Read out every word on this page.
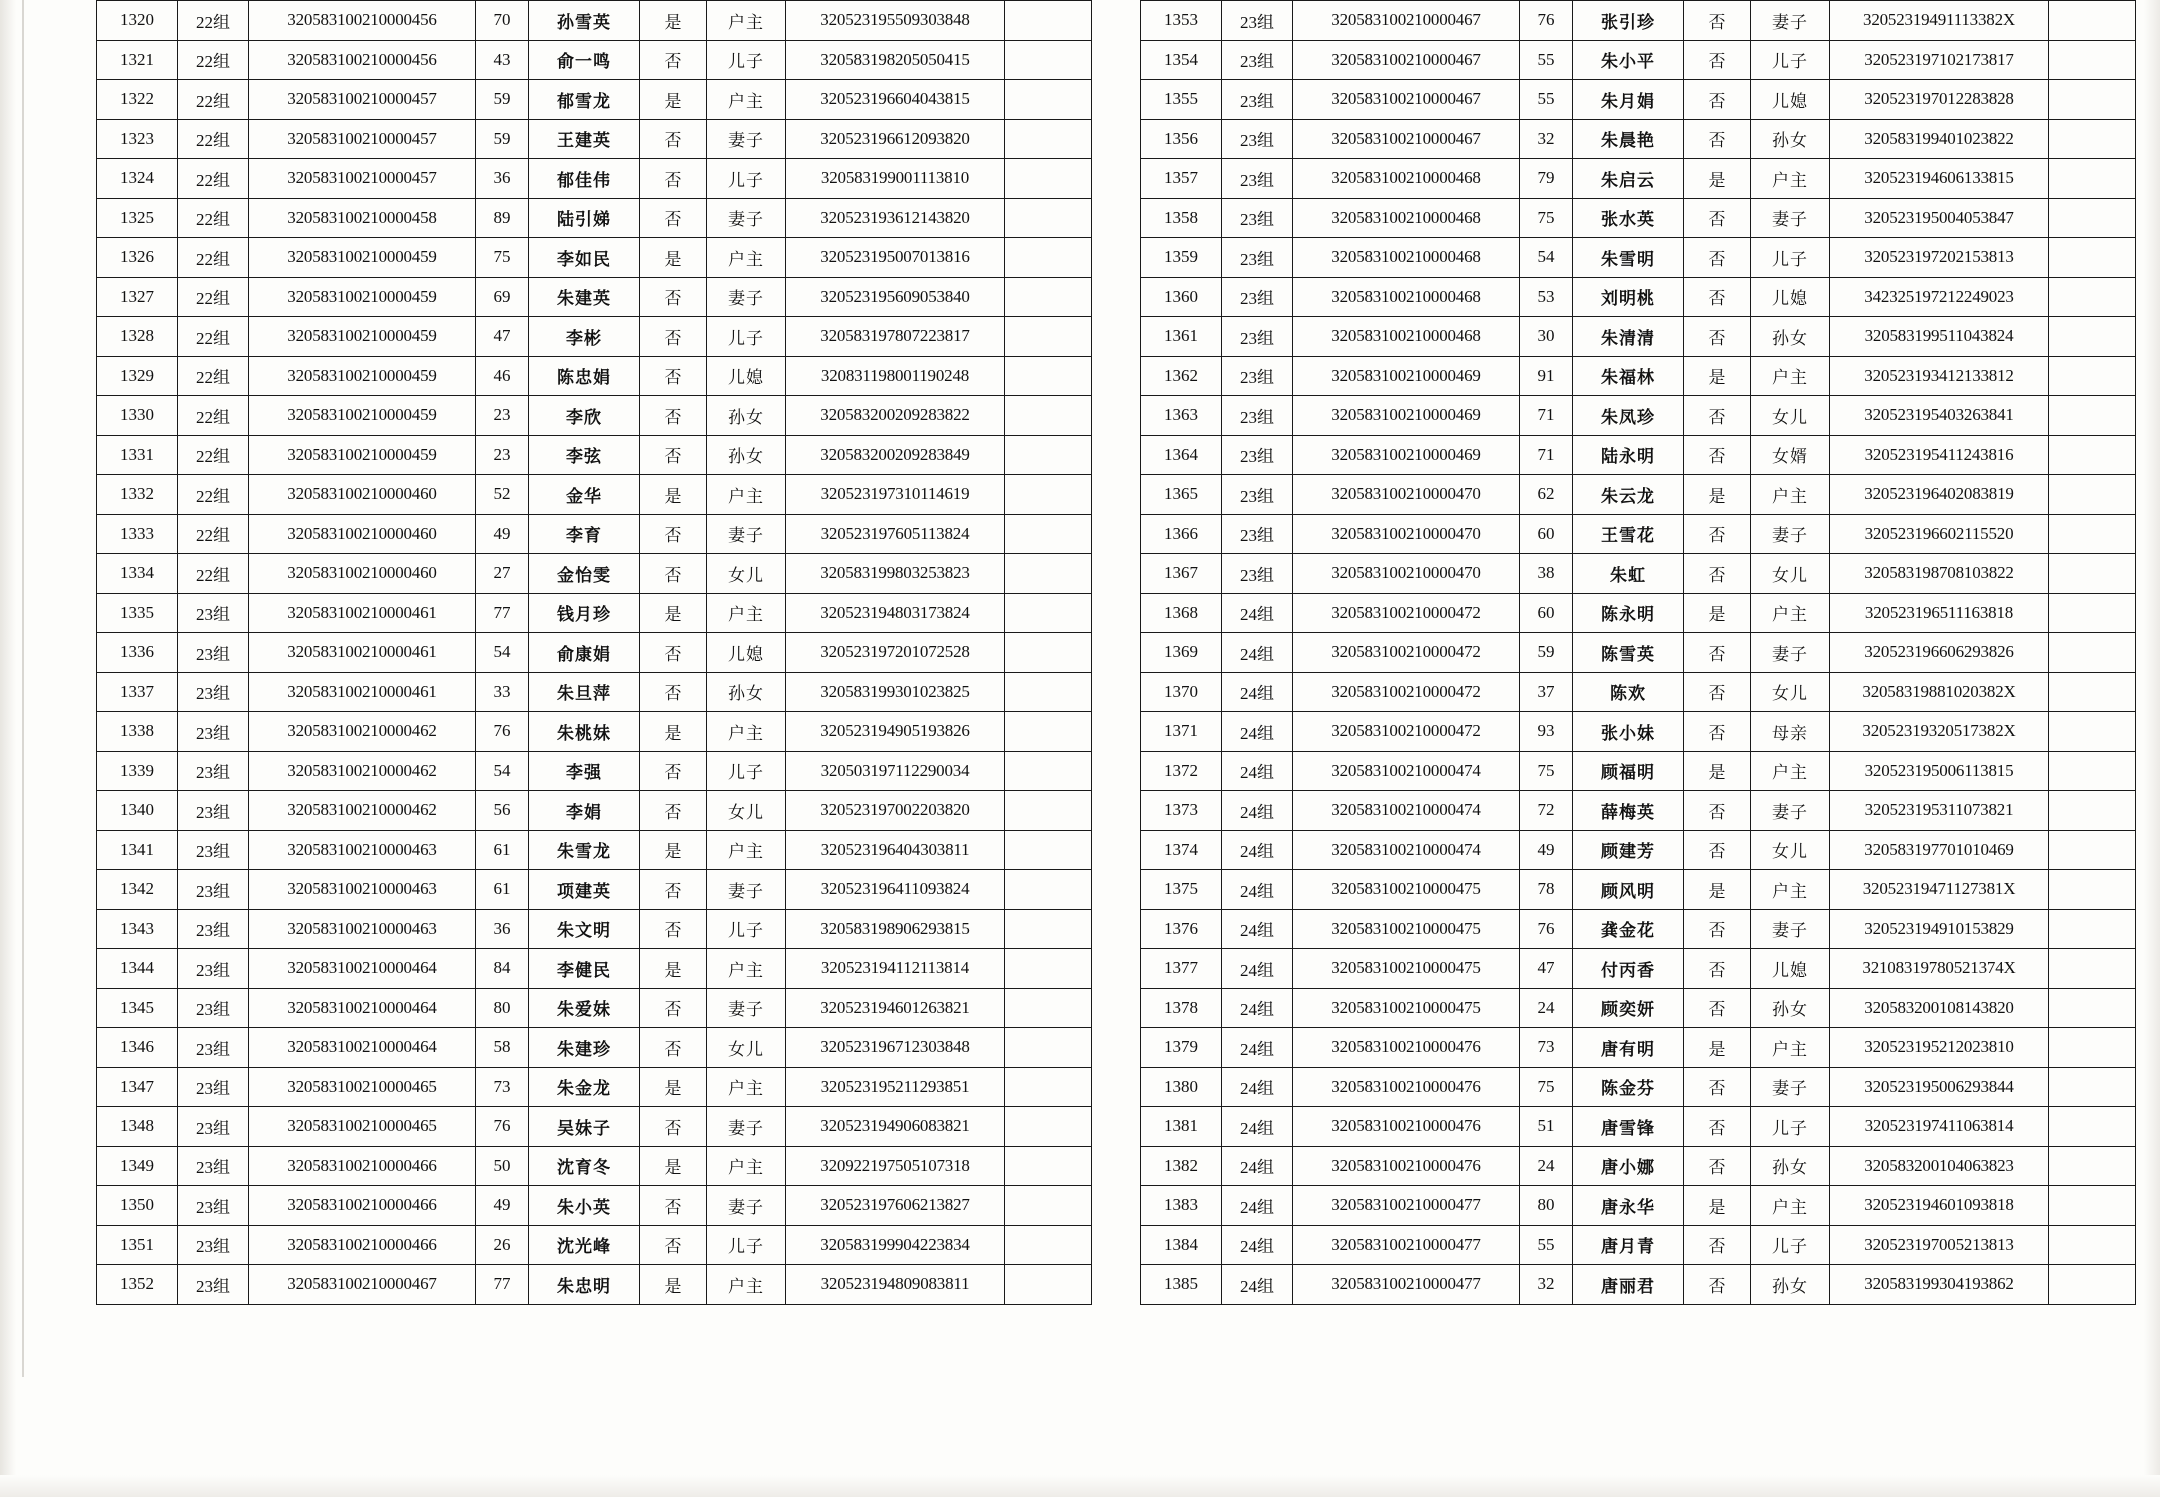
1320	22组	320583100210000456	70	孙雪英	是	户主	320523195509303848	
1321	22组	320583100210000456	43	俞一鸣	否	儿子	320583198205050415	
1322	22组	320583100210000457	59	郁雪龙	是	户主	320523196604043815	
1323	22组	320583100210000457	59	王建英	否	妻子	320523196612093820	
1324	22组	320583100210000457	36	郁佳伟	否	儿子	320583199001113810	
1325	22组	320583100210000458	89	陆引娣	否	妻子	320523193612143820	
1326	22组	320583100210000459	75	李如民	是	户主	320523195007013816	
1327	22组	320583100210000459	69	朱建英	否	妻子	320523195609053840	
1328	22组	320583100210000459	47	李彬	否	儿子	320583197807223817	
1329	22组	320583100210000459	46	陈忠娟	否	儿媳	320831198001190248	
1330	22组	320583100210000459	23	李欣	否	孙女	320583200209283822	
1331	22组	320583100210000459	23	李弦	否	孙女	320583200209283849	
1332	22组	320583100210000460	52	金华	是	户主	320523197310114619	
1333	22组	320583100210000460	49	李育	否	妻子	320523197605113824	
1334	22组	320583100210000460	27	金怡雯	否	女儿	320583199803253823	
1335	23组	320583100210000461	77	钱月珍	是	户主	320523194803173824	
1336	23组	320583100210000461	54	俞康娟	否	儿媳	320523197201072528	
1337	23组	320583100210000461	33	朱旦萍	否	孙女	320583199301023825	
1338	23组	320583100210000462	76	朱桃妹	是	户主	320523194905193826	
1339	23组	320583100210000462	54	李强	否	儿子	320503197112290034	
1340	23组	320583100210000462	56	李娟	否	女儿	320523197002203820	
1341	23组	320583100210000463	61	朱雪龙	是	户主	320523196404303811	
1342	23组	320583100210000463	61	项建英	否	妻子	320523196411093824	
1343	23组	320583100210000463	36	朱文明	否	儿子	320583198906293815	
1344	23组	320583100210000464	84	李健民	是	户主	320523194112113814	
1345	23组	320583100210000464	80	朱爱妹	否	妻子	320523194601263821	
1346	23组	320583100210000464	58	朱建珍	否	女儿	320523196712303848	
1347	23组	320583100210000465	73	朱金龙	是	户主	320523195211293851	
1348	23组	320583100210000465	76	吴妹子	否	妻子	320523194906083821	
1349	23组	320583100210000466	50	沈育冬	是	户主	320922197505107318	
1350	23组	320583100210000466	49	朱小英	否	妻子	320523197606213827	
1351	23组	320583100210000466	26	沈光峰	否	儿子	320583199904223834	
1352	23组	320583100210000467	77	朱忠明	是	户主	320523194809083811	
1353	23组	320583100210000467	76	张引珍	否	妻子	32052319491113382X	
1354	23组	320583100210000467	55	朱小平	否	儿子	320523197102173817	
1355	23组	320583100210000467	55	朱月娟	否	儿媳	320523197012283828	
1356	23组	320583100210000467	32	朱晨艳	否	孙女	320583199401023822	
1357	23组	320583100210000468	79	朱启云	是	户主	320523194606133815	
1358	23组	320583100210000468	75	张水英	否	妻子	320523195004053847	
1359	23组	320583100210000468	54	朱雪明	否	儿子	320523197202153813	
1360	23组	320583100210000468	53	刘明桃	否	儿媳	342325197212249023	
1361	23组	320583100210000468	30	朱清清	否	孙女	320583199511043824	
1362	23组	320583100210000469	91	朱福林	是	户主	320523193412133812	
1363	23组	320583100210000469	71	朱凤珍	否	女儿	320523195403263841	
1364	23组	320583100210000469	71	陆永明	否	女婿	320523195411243816	
1365	23组	320583100210000470	62	朱云龙	是	户主	320523196402083819	
1366	23组	320583100210000470	60	王雪花	否	妻子	320523196602115520	
1367	23组	320583100210000470	38	朱虹	否	女儿	320583198708103822	
1368	24组	320583100210000472	60	陈永明	是	户主	320523196511163818	
1369	24组	320583100210000472	59	陈雪英	否	妻子	320523196606293826	
1370	24组	320583100210000472	37	陈欢	否	女儿	32058319881020382X	
1371	24组	320583100210000472	93	张小妹	否	母亲	32052319320517382X	
1372	24组	320583100210000474	75	顾福明	是	户主	320523195006113815	
1373	24组	320583100210000474	72	薛梅英	否	妻子	320523195311073821	
1374	24组	320583100210000474	49	顾建芳	否	女儿	320583197701010469	
1375	24组	320583100210000475	78	顾风明	是	户主	32052319471127381X	
1376	24组	320583100210000475	76	龚金花	否	妻子	320523194910153829	
1377	24组	320583100210000475	47	付丙香	否	儿媳	32108319780521374X	
1378	24组	320583100210000475	24	顾奕妍	否	孙女	320583200108143820	
1379	24组	320583100210000476	73	唐有明	是	户主	320523195212023810	
1380	24组	320583100210000476	75	陈金芬	否	妻子	320523195006293844	
1381	24组	320583100210000476	51	唐雪锋	否	儿子	320523197411063814	
1382	24组	320583100210000476	24	唐小娜	否	孙女	320583200104063823	
1383	24组	320583100210000477	80	唐永华	是	户主	320523194601093818	
1384	24组	320583100210000477	55	唐月青	否	儿子	320523197005213813	
1385	24组	320583100210000477	32	唐丽君	否	孙女	320583199304193862	
